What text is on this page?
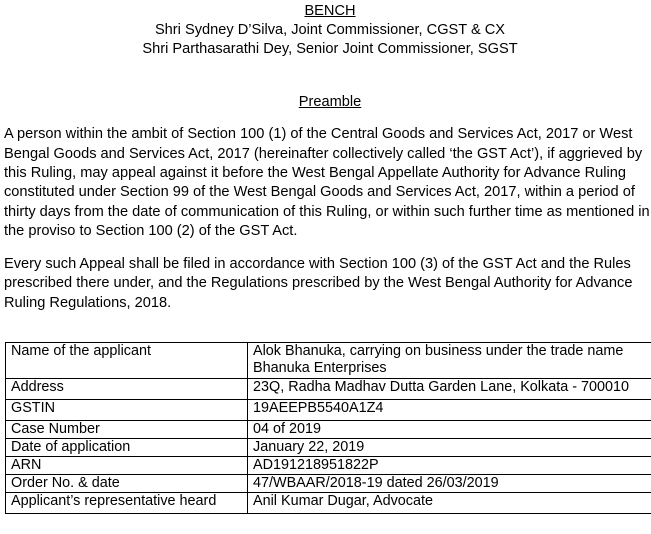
BENCH
Shri Sydney D’Silva, Joint Commissioner, CGST & CX
Shri Parthasarathi Dey, Senior Joint Commissioner, SGST
Preamble
A person within the ambit of Section 100 (1) of the Central Goods and Services Act, 2017 or West
Bengal Goods and Services Act, 2017 (hereinafter collectively called ‘the GST Act’), if aggrieved by
this Ruling, may appeal against it before the West Bengal Appellate Authority for Advance Ruling
constituted under Section 99 of the West Bengal Goods and Services Act, 2017, within a period of
thirty days from the date of communication of this Ruling, or within such further time as mentioned in
the proviso to Section 100 (2) of the GST Act.
Every such Appeal shall be filed in accordance with Section 100 (3) of the GST Act and the Rules
prescribed there under, and the Regulations prescribed by the West Bengal Authority for Advance
Ruling Regulations, 2018.
Name of the applicant	Alok Bhanuka, carrying on business under the trade name Bhanuka Enterprises
Address	23Q, Radha Madhav Dutta Garden Lane, Kolkata - 700010
GSTIN	19AEEPB5540A1Z4
Case Number	04 of 2019
Date of application	January 22, 2019
ARN	AD191218951822P
Order No. & date	47/WBAAR/2018-19 dated 26/03/2019
Applicant’s representative heard	Anil Kumar Dugar, Advocate
